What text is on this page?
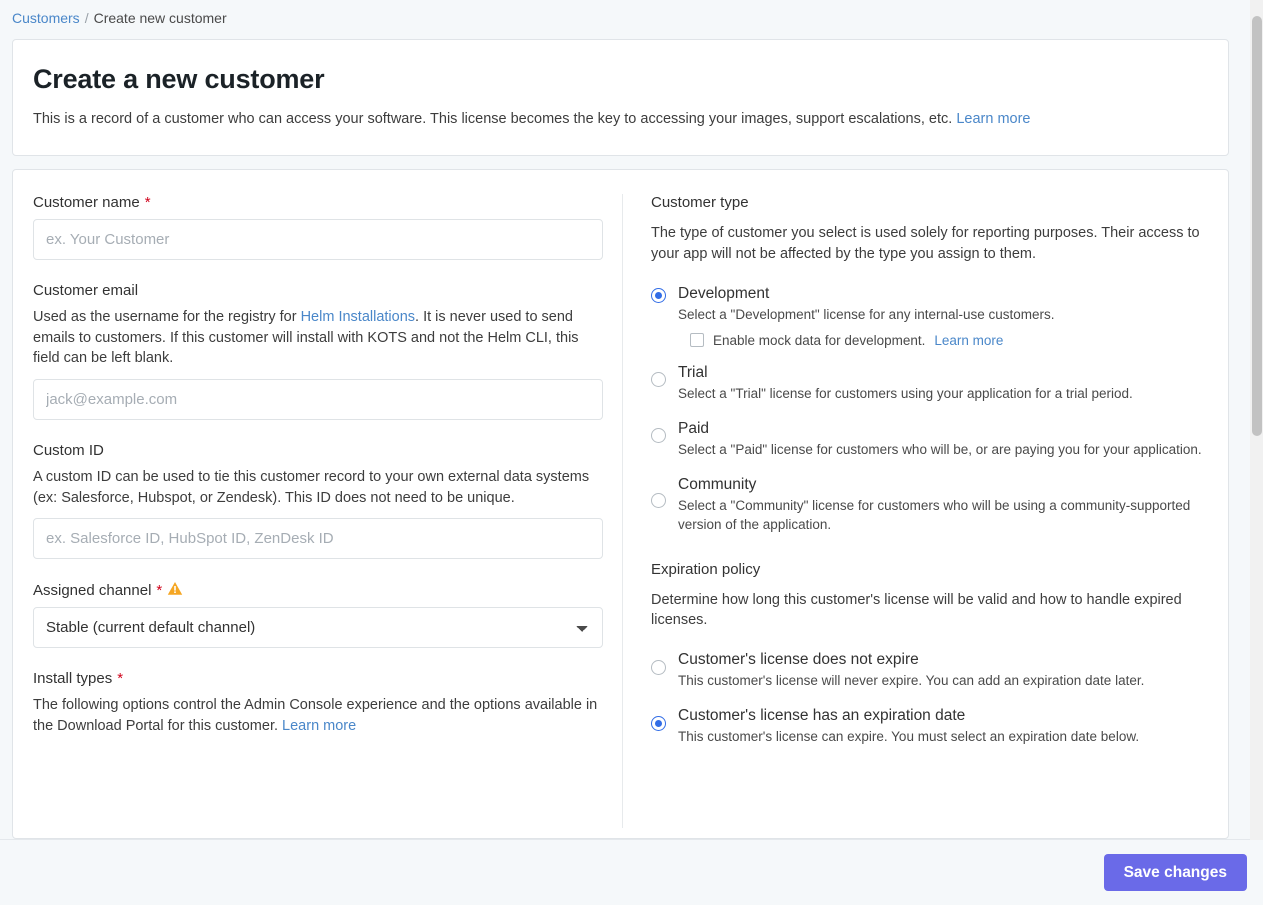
Customers / Create new customer
Create a new customer
This is a record of a customer who can access your software. This license becomes the key to accessing your images, support escalations, etc. Learn more
Customer name *
ex. Your Customer
Customer email
Used as the username for the registry for Helm Installations. It is never used to send emails to customers. If this customer will install with KOTS and not the Helm CLI, this field can be left blank.
jack@example.com
Custom ID
A custom ID can be used to tie this customer record to your own external data systems (ex: Salesforce, Hubspot, or Zendesk). This ID does not need to be unique.
ex. Salesforce ID, HubSpot ID, ZenDesk ID
Assigned channel *
Stable (current default channel)
Install types *
The following options control the Admin Console experience and the options available in the Download Portal for this customer. Learn more
Customer type
The type of customer you select is used solely for reporting purposes. Their access to your app will not be affected by the type you assign to them.
Development
Select a "Development" license for any internal-use customers.
Enable mock data for development. Learn more
Trial
Select a "Trial" license for customers using your application for a trial period.
Paid
Select a "Paid" license for customers who will be, or are paying you for your application.
Community
Select a "Community" license for customers who will be using a community-supported version of the application.
Expiration policy
Determine how long this customer's license will be valid and how to handle expired licenses.
Customer's license does not expire
This customer's license will never expire. You can add an expiration date later.
Customer's license has an expiration date
This customer's license can expire. You must select an expiration date below.
Save changes
